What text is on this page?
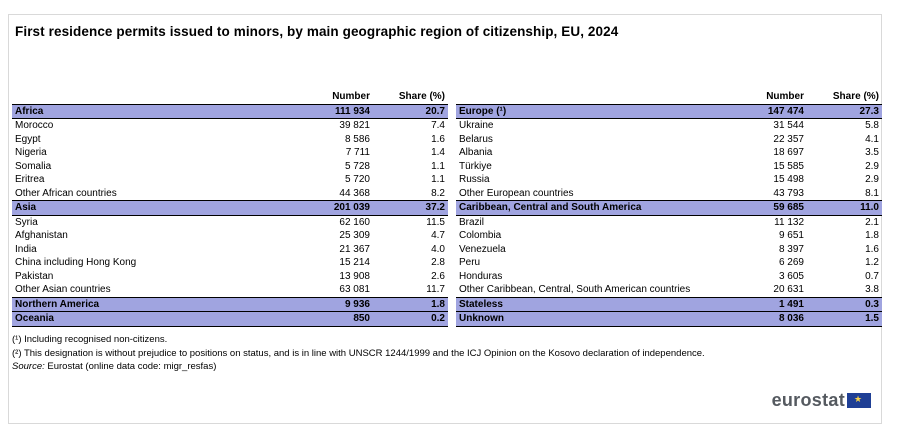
First residence permits issued to minors, by main geographic region of citizenship, EU, 2024
	Number	Share (%)
Africa	111 934	20.7
Morocco	39 821	7.4
Egypt	8 586	1.6
Nigeria	7 711	1.4
Somalia	5 728	1.1
Eritrea	5 720	1.1
Other African countries	44 368	8.2
Asia	201 039	37.2
Syria	62 160	11.5
Afghanistan	25 309	4.7
India	21 367	4.0
China including Hong Kong	15 214	2.8
Pakistan	13 908	2.6
Other Asian countries	63 081	11.7
Northern America	9 936	1.8
Oceania	850	0.2
	Number	Share (%)
Europe (¹)	147 474	27.3
Ukraine	31 544	5.8
Belarus	22 357	4.1
Albania	18 697	3.5
Türkiye	15 585	2.9
Russia	15 498	2.9
Other European countries	43 793	8.1
Caribbean, Central and South America	59 685	11.0
Brazil	11 132	2.1
Colombia	9 651	1.8
Venezuela	8 397	1.6
Peru	6 269	1.2
Honduras	3 605	0.7
Other Caribbean, Central, South American countries	20 631	3.8
Stateless	1 491	0.3
Unknown	8 036	1.5
(¹) Including recognised non-citizens.
(²) This designation is without prejudice to positions on status, and is in line with UNSCR 1244/1999 and the ICJ Opinion on the Kosovo declaration of independence.
Source: Eurostat (online data code: migr_resfas)
eurostat
★
